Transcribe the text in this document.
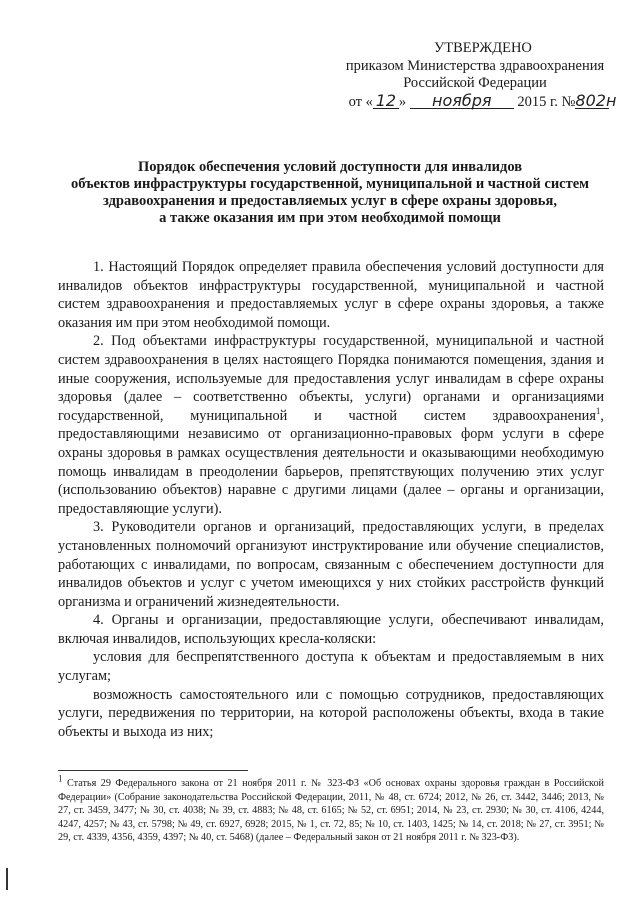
УТВЕРЖДЕНО
приказом Министерства здравоохранения
Российской Федерации
от « 12 » ноября 2015 г. №802н
Порядок обеспечения условий доступности для инвалидов
объектов инфраструктуры государственной, муниципальной и частной систем
здравоохранения и предоставляемых услуг в сфере охраны здоровья,
а также оказания им при этом необходимой помощи

1. Настоящий Порядок определяет правила обеспечения условий доступности для инвалидов объектов инфраструктуры государственной, муниципальной и частной систем здравоохранения и предоставляемых услуг в сфере охраны здоровья, а также оказания им при этом необходимой помощи.

2. Под объектами инфраструктуры государственной, муниципальной и частной систем здравоохранения в целях настоящего Порядка понимаются помещения, здания и иные сооружения, используемые для предоставления услуг инвалидам в сфере охраны здоровья (далее – соответственно объекты, услуги) органами и организациями государственной, муниципальной и частной систем здравоохранения$^1$, предоставляющими независимо от организационно-правовых форм услуги в сфере охраны здоровья в рамках осуществления деятельности и оказывающими необходимую помощь инвалидам в преодолении барьеров, препятствующих получению этих услуг (использованию объектов) наравне с другими лицами (далее – органы и организации, предоставляющие услуги).

3. Руководители органов и организаций, предоставляющих услуги, в пределах установленных полномочий организуют инструктирование или обучение специалистов, работающих с инвалидами, по вопросам, связанным с обеспечением доступности для инвалидов объектов и услуг с учетом имеющихся у них стойких расстройств функций организма и ограничений жизнедеятельности.

4. Органы и организации, предоставляющие услуги, обеспечивают инвалидам, включая инвалидов, использующих кресла-коляски:

условия для беспрепятственного доступа к объектам и предоставляемым в них услугам;

возможность самостоятельного или с помощью сотрудников, предоставляющих услуги, передвижения по территории, на которой расположены объекты, входа в такие объекты и выхода из них;

$^1$ Статья 29 Федерального закона от 21 ноября 2011 г. № 323-ФЗ «Об основах охраны здоровья граждан в Российской Федерации» (Собрание законодательства Российской Федерации, 2011, № 48, ст. 6724; 2012, № 26, ст. 3442, 3446; 2013, № 27, ст. 3459, 3477; № 30, ст. 4038; № 39, ст. 4883; № 48, ст. 6165; № 52, ст. 6951; 2014, № 23, ст. 2930; № 30, ст. 4106, 4244, 4247, 4257; № 43, ст. 5798; № 49, ст. 6927, 6928; 2015, № 1, ст. 72, 85; № 10, ст. 1403, 1425; № 14, ст. 2018; № 27, ст. 3951; № 29, ст. 4339, 4356, 4359, 4397; № 40, ст. 5468) (далее – Федеральный закон от 21 ноября 2011 г. № 323-ФЗ).
